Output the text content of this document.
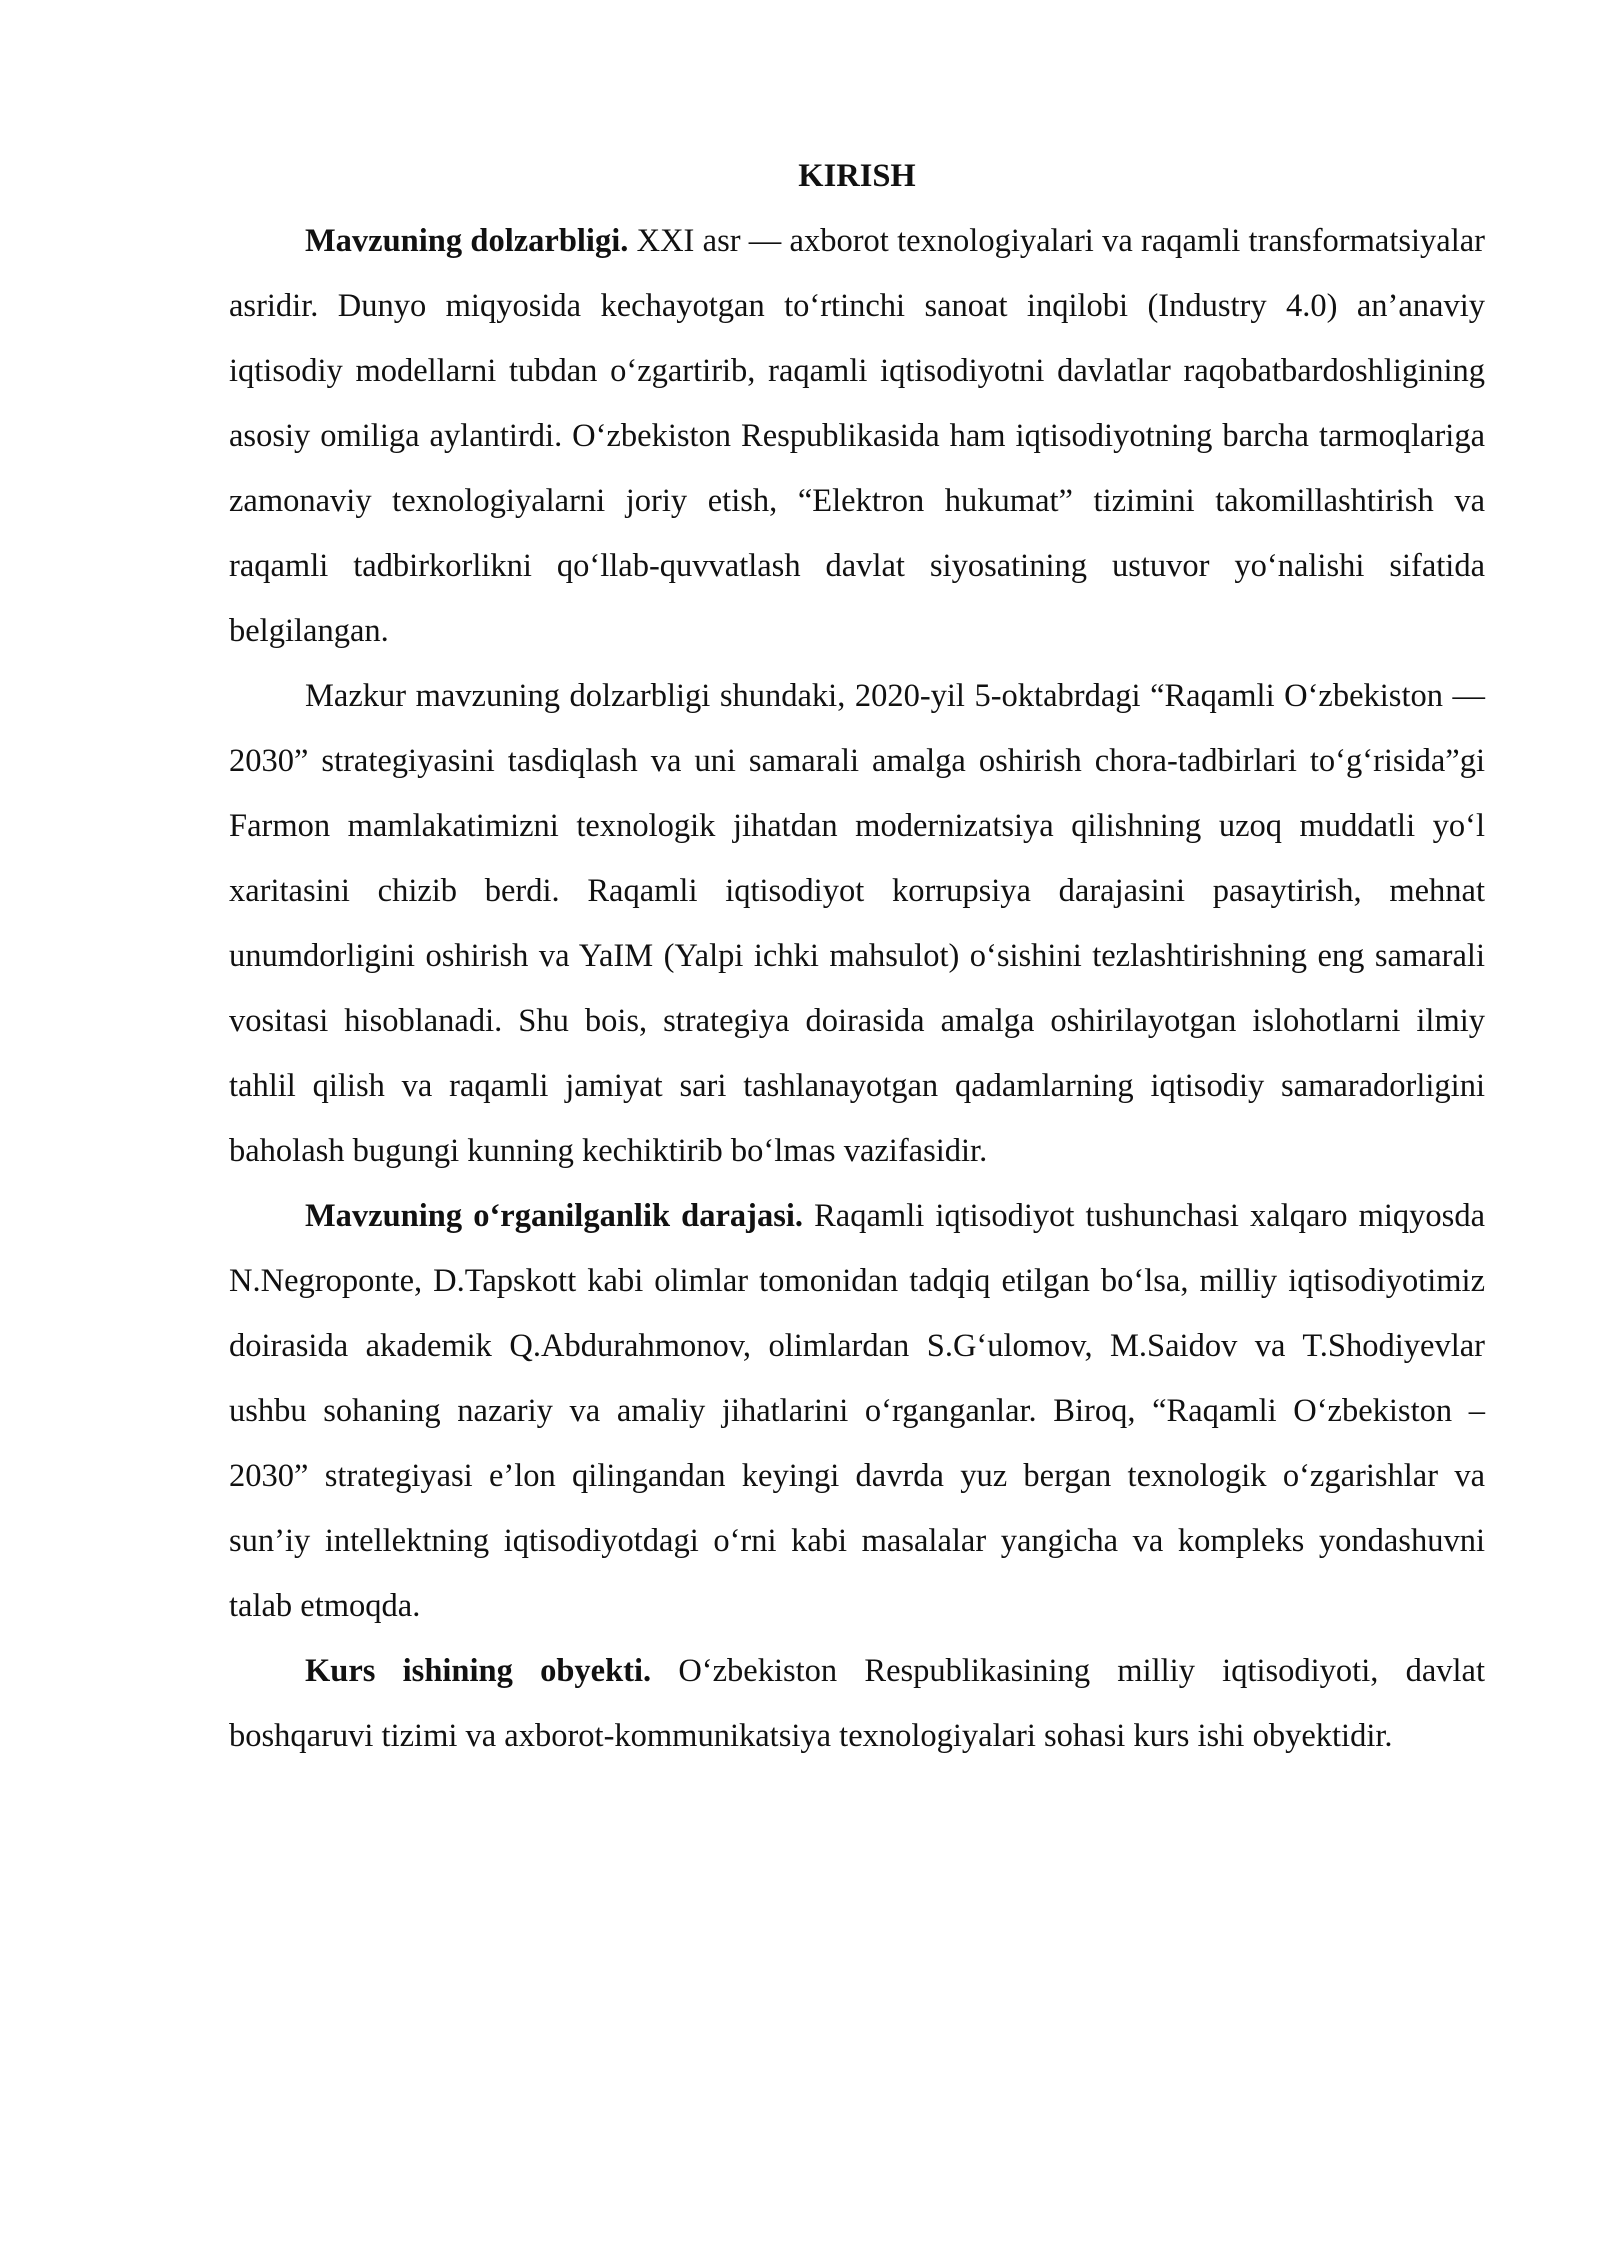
KIRISH

Mavzuning dolzarbligi. XXI asr — axborot texnologiyalari va raqamli transformatsiyalar asridir. Dunyo miqyosida kechayotgan to‘rtinchi sanoat inqilobi (Industry 4.0) an’anaviy iqtisodiy modellarni tubdan o‘zgartirib, raqamli iqtisodiyotni davlatlar raqobatbardoshligining asosiy omiliga aylantirdi. O‘zbekiston Respublikasida ham iqtisodiyotning barcha tarmoqlariga zamonaviy texnologiyalarni joriy etish, “Elektron hukumat” tizimini takomillashtirish va raqamli tadbirkorlikni qo‘llab-quvvatlash davlat siyosatining ustuvor yo‘nalishi sifatida belgilangan.

Mazkur mavzuning dolzarbligi shundaki, 2020-yil 5-oktabrdagi “Raqamli O‘zbekiston — 2030” strategiyasini tasdiqlash va uni samarali amalga oshirish chora-tadbirlari to‘g‘risida”gi Farmon mamlakatimizni texnologik jihatdan modernizatsiya qilishning uzoq muddatli yo‘l xaritasini chizib berdi. Raqamli iqtisodiyot korrupsiya darajasini pasaytirish, mehnat unumdorligini oshirish va YaIM (Yalpi ichki mahsulot) o‘sishini tezlashtirishning eng samarali vositasi hisoblanadi. Shu bois, strategiya doirasida amalga oshirilayotgan islohotlarni ilmiy tahlil qilish va raqamli jamiyat sari tashlanayotgan qadamlarning iqtisodiy samaradorligini baholash bugungi kunning kechiktirib bo‘lmas vazifasidir.

Mavzuning o‘rganilganlik darajasi. Raqamli iqtisodiyot tushunchasi xalqaro miqyosda N.Negroponte, D.Tapskott kabi olimlar tomonidan tadqiq etilgan bo‘lsa, milliy iqtisodiyotimiz doirasida akademik Q.Abdurahmonov, olimlardan S.G‘ulomov, M.Saidov va T.Shodiyevlar ushbu sohaning nazariy va amaliy jihatlarini o‘rganganlar. Biroq, “Raqamli O‘zbekiston – 2030” strategiyasi e’lon qilingandan keyingi davrda yuz bergan texnologik o‘zgarishlar va sun’iy intellektning iqtisodiyotdagi o‘rni kabi masalalar yangicha va kompleks yondashuvni talab etmoqda.

Kurs ishining obyekti. O‘zbekiston Respublikasining milliy iqtisodiyoti, davlat boshqaruvi tizimi va axborot-kommunikatsiya texnologiyalari sohasi kurs ishi obyektidir.
